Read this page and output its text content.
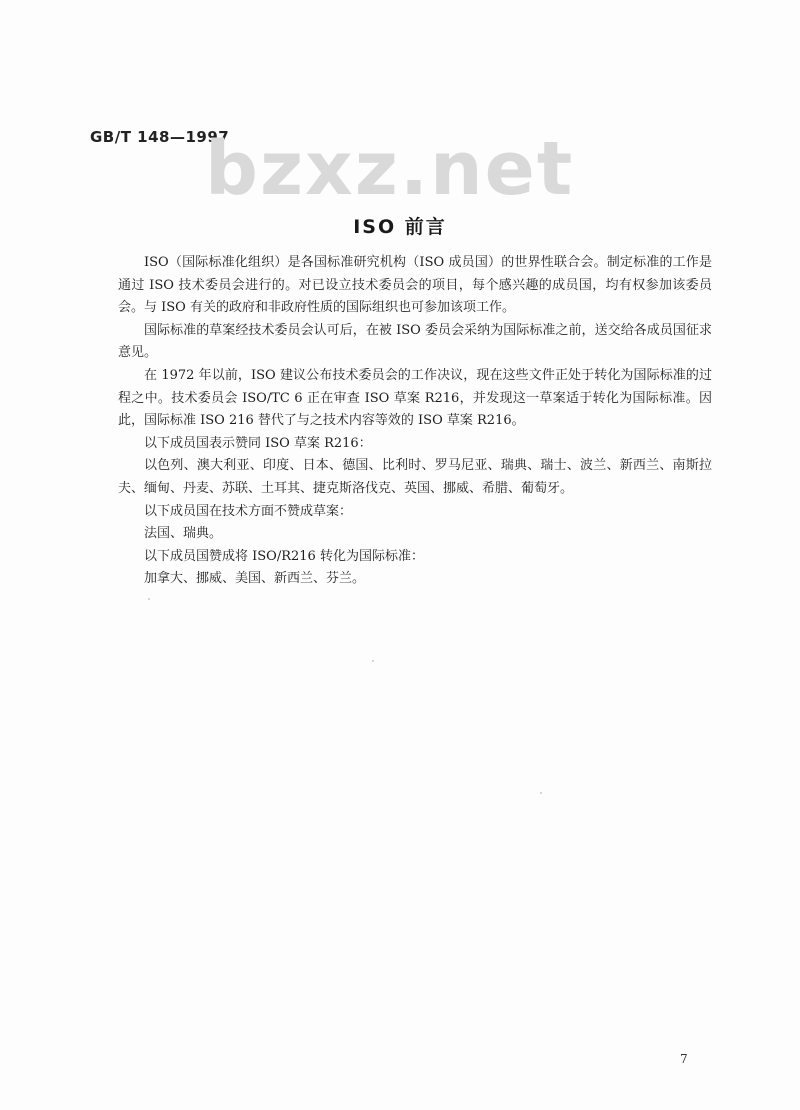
GB/T 148—1997
bzxz.net
ISO 前言

ISO（国际标准化组织）是各国标准研究机构（ISO 成员国）的世界性联合会。制定标准的工作是通过 ISO 技术委员会进行的。对已设立技术委员会的项目，每个感兴趣的成员国，均有权参加该委员会。与 ISO 有关的政府和非政府性质的国际组织也可参加该项工作。

国际标准的草案经技术委员会认可后，在被 ISO 委员会采纳为国际标准之前，送交给各成员国征求意见。

在 1972 年以前，ISO 建议公布技术委员会的工作决议，现在这些文件正处于转化为国际标准的过程之中。技术委员会 ISO/TC 6 正在审查 ISO 草案 R216，并发现这一草案适于转化为国际标准。因此，国际标准 ISO 216 替代了与之技术内容等效的 ISO 草案 R216。

以下成员国表示赞同 ISO 草案 R216：

以色列、澳大利亚、印度、日本、德国、比利时、罗马尼亚、瑞典、瑞士、波兰、新西兰、南斯拉夫、缅甸、丹麦、苏联、土耳其、捷克斯洛伐克、英国、挪威、希腊、葡萄牙。

以下成员国在技术方面不赞成草案：

法国、瑞典。

以下成员国赞成将 ISO/R216 转化为国际标准：

加拿大、挪威、美国、新西兰、芬兰。

7
